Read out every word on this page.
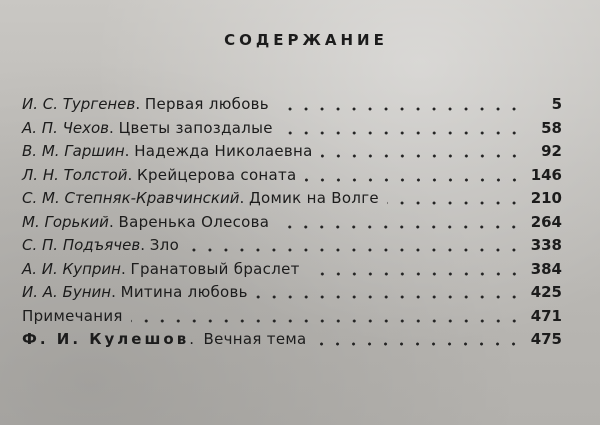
СОДЕРЖАНИЕ
И. С. Тургенев . Первая любовь	5
А. П. Чехов . Цветы запоздалые	58
В. М. Гаршин . Надежда Николаевна	92
Л. Н. Толстой . Крейцерова соната	146
С. М. Степняк-Кравчинский . Домик на Волге	210
М. Горький . Варенька Олесова	264
С. П. Подъячев . Зло	338
А. И. Куприн . Гранатовый браслет	384
И. А. Бунин . Митина любовь	425
Примечания	471
Ф. И. Кулешов . Вечная тема	475
